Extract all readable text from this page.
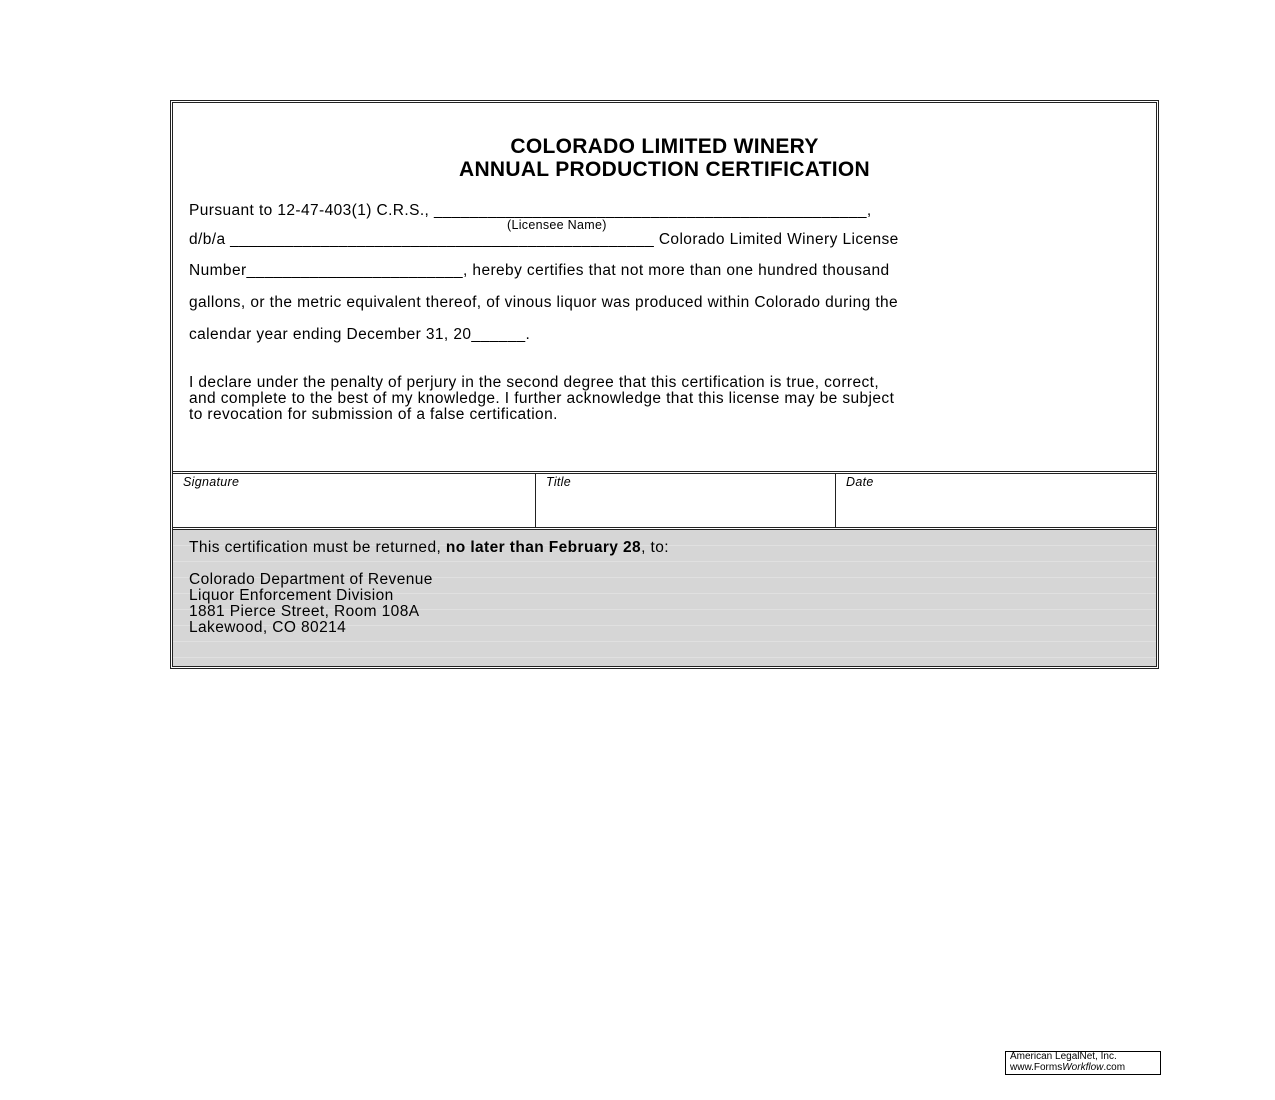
COLORADO LIMITED WINERY
ANNUAL PRODUCTION CERTIFICATION
Pursuant to 12-47-403(1) C.R.S., ________________________________________________,
(Licensee Name)
d/b/a _______________________________________________ Colorado Limited Winery License
Number________________________, hereby certifies that not more than one hundred thousand
gallons, or the metric equivalent thereof, of vinous liquor was produced within Colorado during the
calendar year ending December 31, 20______.
I declare under the penalty of perjury in the second degree that this certification is true, correct,
and complete to the best of my knowledge. I further acknowledge that this license may be subject
to revocation for submission of a false certification.
Signature	Title	Date
This certification must be returned, no later than February 28, to:
Colorado Department of Revenue
Liquor Enforcement Division
1881 Pierce Street, Room 108A
Lakewood, CO 80214
American LegalNet, Inc.
www.FormsWorkflow.com
